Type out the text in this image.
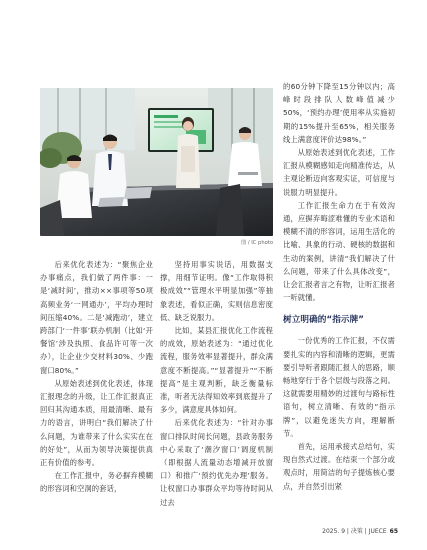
图 / IC photo

后来优化表述为：“聚焦企业办事痛点，我们做了两件事：一是‘减时间’，推动××事项等50项高频业务‘一网通办’，平均办理时间压缩40%。二是‘减跑动’，建立跨部门‘一件事’联办机制（比如‘开餐馆’涉及执照、食品许可等一次办），让企业少交材料30%、少跑窗口80%。”

从原始表述到优化表述，体现汇报理念的升级，让工作汇报真正回归其沟通本质，用最清晰、最有力的语言，讲明白“我们解决了什么问题，为谁带来了什么实实在在的好处”，从而为领导决策提供真正有价值的参考。

在工作汇报中，务必摒弃模糊的形容词和空洞的套话，

坚持用事实说话，用数据支撑，用细节证明。像“工作取得积极成效”“管理水平明显加强”等抽象表述，看似正确，实则信息密度低、缺乏说服力。

比如，某县汇报优化工作流程的成效，原始表述为：“通过优化流程，服务效率显著提升，群众满意度不断提高。”“显著提升”“不断提高”是主观判断，缺乏衡量标准，听者无法得知效率到底提升了多少，满意度具体如何。

后来优化表述为：“针对办事窗口排队时间长问题，县政务服务中心采取了‘潮汐窗口’调度机制（即根据人流量动态增减开放窗口）和推广‘预约优先办理’服务。让权窗口办事群众平均等待时间从过去

的60分钟下降至15分钟以内；高峰时段排队人数峰值减少50%，‘预约办理’使用率从实施初期的15%提升至65%，相关服务线上满意度评价达98%。”

从原始表述到优化表述，工作汇报从模糊感知走向精准传达，从主观论断迈向客观实证，可信度与说服力明显提升。

工作汇报生命力在于有效沟通，应摒弃晦涩难懂的专业术语和模糊不清的形容词，运用生活化的比喻、具象的行动、硬核的数据和生动的案例，讲清“我们解决了什么问题，带来了什么具体改变”，让会汇报者言之有物，让听汇报者一听就懂。

树立明确的“指示牌”

一份优秀的工作汇报，不仅需要扎实的内容和清晰的逻辑，更需要引导听者跟随汇报人的思路，顺畅地穿行于各个层级与段落之间。这就需要用精妙的过渡句与路标性语句，树立清晰、有效的“指示牌”，以避免迷失方向，理解断节。

首先，运用承接式总结句，实现自然式过渡。在结束一个部分或观点时，用简洁的句子提炼核心要点，并自然引出紧

2025. 9 | 决策 | JUECE 65
